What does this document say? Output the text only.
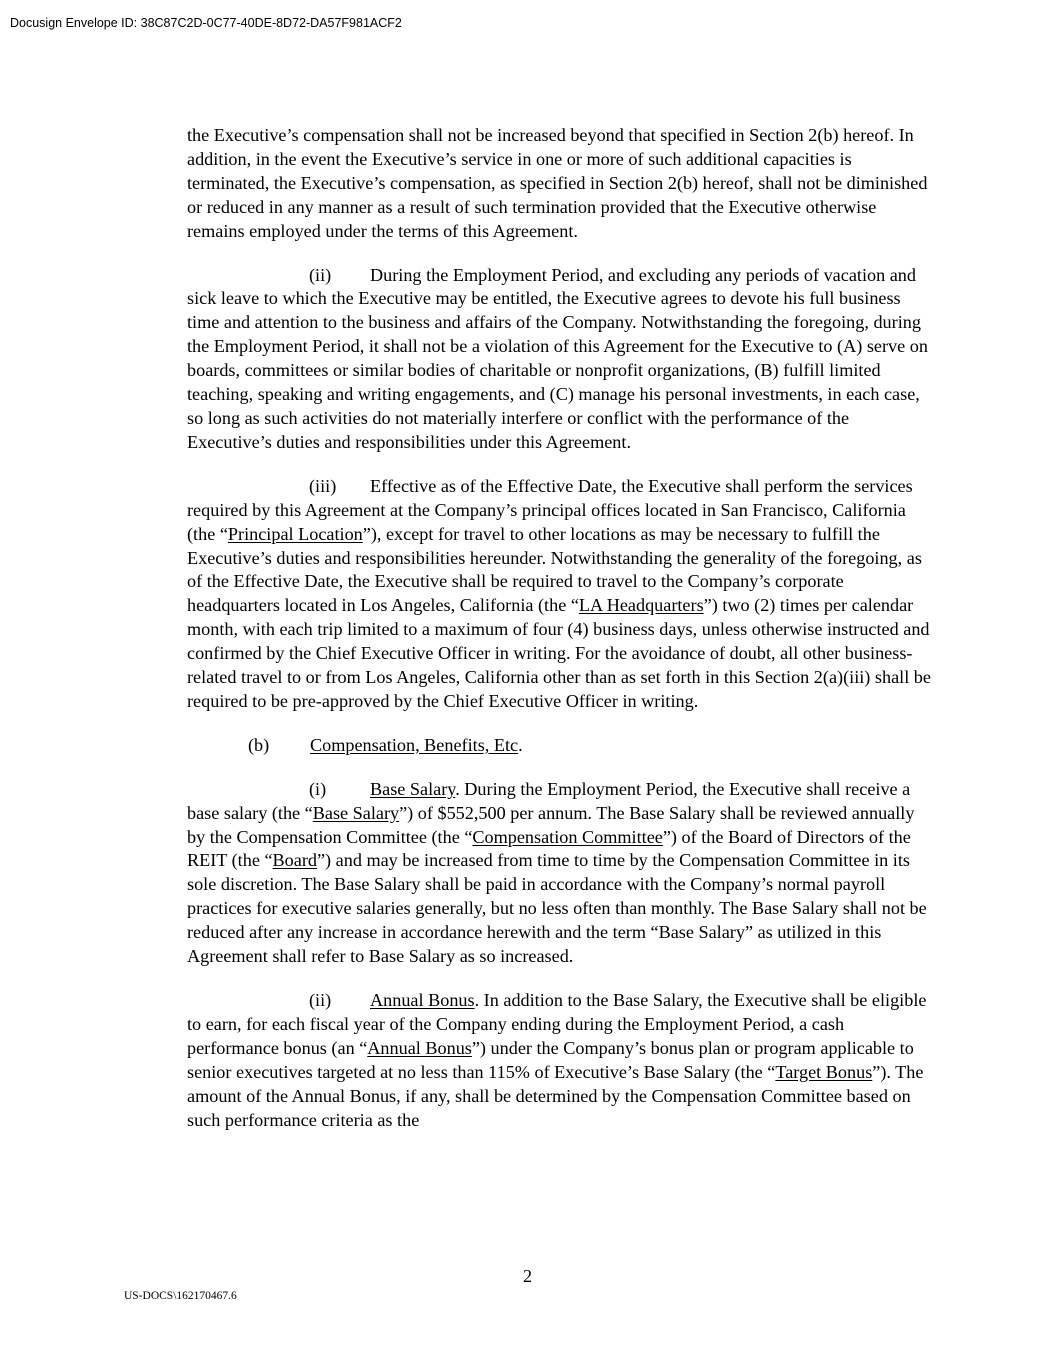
Docusign Envelope ID: 38C87C2D-0C77-40DE-8D72-DA57F981ACF2

the Executive’s compensation shall not be increased beyond that specified in Section 2(b) hereof. In addition, in the event the Executive’s service in one or more of such additional capacities is terminated, the Executive’s compensation, as specified in Section 2(b) hereof, shall not be diminished or reduced in any manner as a result of such termination provided that the Executive otherwise remains employed under the terms of this Agreement.

(ii) During the Employment Period, and excluding any periods of vacation and sick leave to which the Executive may be entitled, the Executive agrees to devote his full business time and attention to the business and affairs of the Company. Notwithstanding the foregoing, during the Employment Period, it shall not be a violation of this Agreement for the Executive to (A) serve on boards, committees or similar bodies of charitable or nonprofit organizations, (B) fulfill limited teaching, speaking and writing engagements, and (C) manage his personal investments, in each case, so long as such activities do not materially interfere or conflict with the performance of the Executive’s duties and responsibilities under this Agreement.

(iii) Effective as of the Effective Date, the Executive shall perform the services required by this Agreement at the Company’s principal offices located in San Francisco, California (the “Principal Location”), except for travel to other locations as may be necessary to fulfill the Executive’s duties and responsibilities hereunder. Notwithstanding the generality of the foregoing, as of the Effective Date, the Executive shall be required to travel to the Company’s corporate headquarters located in Los Angeles, California (the “LA Headquarters”) two (2) times per calendar month, with each trip limited to a maximum of four (4) business days, unless otherwise instructed and confirmed by the Chief Executive Officer in writing. For the avoidance of doubt, all other business-related travel to or from Los Angeles, California other than as set forth in this Section 2(a)(iii) shall be required to be pre-approved by the Chief Executive Officer in writing.

(b) Compensation, Benefits, Etc.

(i) Base Salary. During the Employment Period, the Executive shall receive a base salary (the “Base Salary”) of $552,500 per annum. The Base Salary shall be reviewed annually by the Compensation Committee (the “Compensation Committee”) of the Board of Directors of the REIT (the “Board”) and may be increased from time to time by the Compensation Committee in its sole discretion. The Base Salary shall be paid in accordance with the Company’s normal payroll practices for executive salaries generally, but no less often than monthly. The Base Salary shall not be reduced after any increase in accordance herewith and the term “Base Salary” as utilized in this Agreement shall refer to Base Salary as so increased.

(ii) Annual Bonus. In addition to the Base Salary, the Executive shall be eligible to earn, for each fiscal year of the Company ending during the Employment Period, a cash performance bonus (an “Annual Bonus”) under the Company’s bonus plan or program applicable to senior executives targeted at no less than 115% of Executive’s Base Salary (the “Target Bonus”). The amount of the Annual Bonus, if any, shall be determined by the Compensation Committee based on such performance criteria as the

2
US-DOCS\162170467.6
